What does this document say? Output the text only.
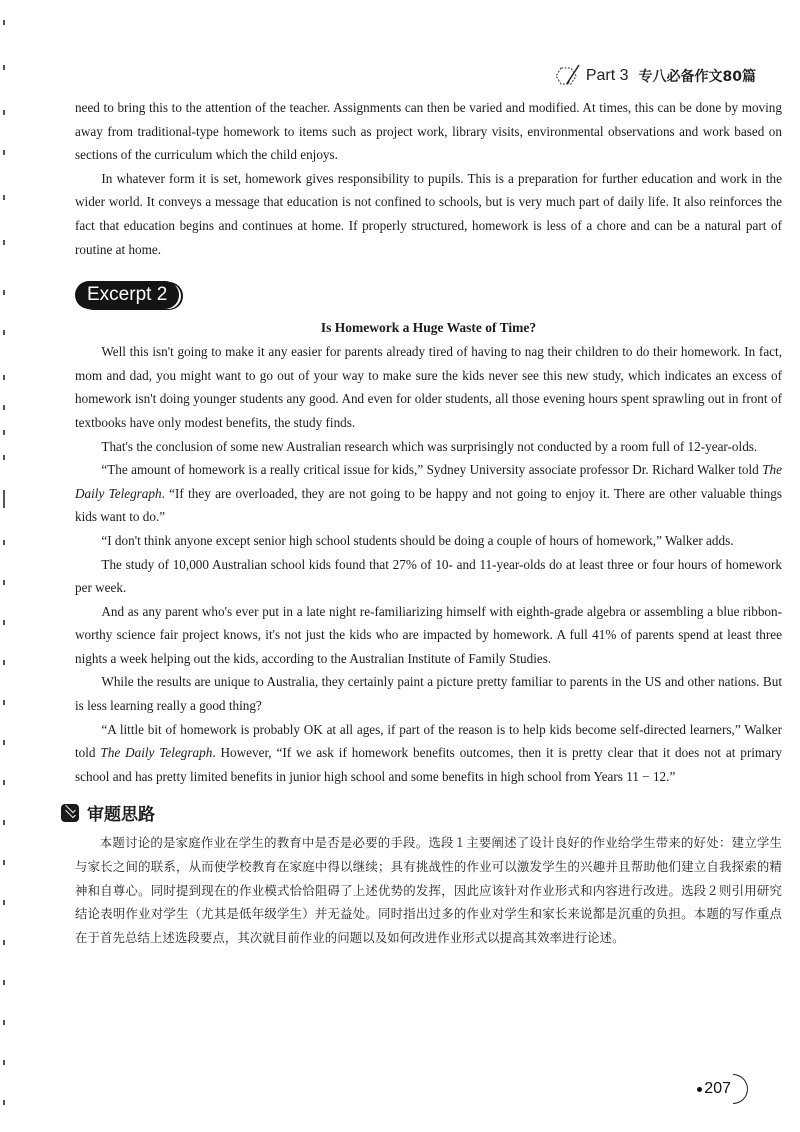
Part 3 专八必备作文80篇

need to bring this to the attention of the teacher. Assignments can then be varied and modified. At times, this can be done by moving away from traditional-type homework to items such as project work, library visits, environmental observations and work based on sections of the curriculum which the child enjoys.

In whatever form it is set, homework gives responsibility to pupils. This is a preparation for further education and work in the wider world. It conveys a message that education is not confined to schools, but is very much part of daily life. It also reinforces the fact that education begins and continues at home. If properly structured, homework is less of a chore and can be a natural part of routine at home.

Excerpt 2
Is Homework a Huge Waste of Time?

Well this isn't going to make it any easier for parents already tired of having to nag their children to do their homework. In fact, mom and dad, you might want to go out of your way to make sure the kids never see this new study, which indicates an excess of homework isn't doing younger students any good. And even for older students, all those evening hours spent sprawling out in front of textbooks have only modest benefits, the study finds.

That's the conclusion of some new Australian research which was surprisingly not conducted by a room full of 12-year-olds.

“The amount of homework is a really critical issue for kids,” Sydney University associate professor Dr. Richard Walker told The Daily Telegraph. “If they are overloaded, they are not going to be happy and not going to enjoy it. There are other valuable things kids want to do.”

“I don't think anyone except senior high school students should be doing a couple of hours of homework,” Walker adds.

The study of 10,000 Australian school kids found that 27% of 10- and 11-year-olds do at least three or four hours of homework per week.

And as any parent who's ever put in a late night re-familiarizing himself with eighth-grade algebra or assembling a blue ribbon-worthy science fair project knows, it's not just the kids who are impacted by homework. A full 41% of parents spend at least three nights a week helping out the kids, according to the Australian Institute of Family Studies.

While the results are unique to Australia, they certainly paint a picture pretty familiar to parents in the US and other nations. But is less learning really a good thing?

“A little bit of homework is probably OK at all ages, if part of the reason is to help kids become self-directed learners,” Walker told The Daily Telegraph. However, “If we ask if homework benefits outcomes, then it is pretty clear that it does not at primary school and has pretty limited benefits in junior high school and some benefits in high school from Years 11 − 12.”

审题思路

本题讨论的是家庭作业在学生的教育中是否是必要的手段。选段１主要阐述了设计良好的作业给学生带来的好处：建立学生与家长之间的联系，从而使学校教育在家庭中得以继续；具有挑战性的作业可以激发学生的兴趣并且帮助他们建立自我探索的精神和自尊心。同时提到现在的作业模式恰恰阻碍了上述优势的发挥，因此应该针对作业形式和内容进行改进。选段２则引用研究结论表明作业对学生（尤其是低年级学生）并无益处。同时指出过多的作业对学生和家长来说都是沉重的负担。本题的写作重点在于首先总结上述选段要点，其次就目前作业的问题以及如何改进作业形式以提高其效率进行论述。

207
